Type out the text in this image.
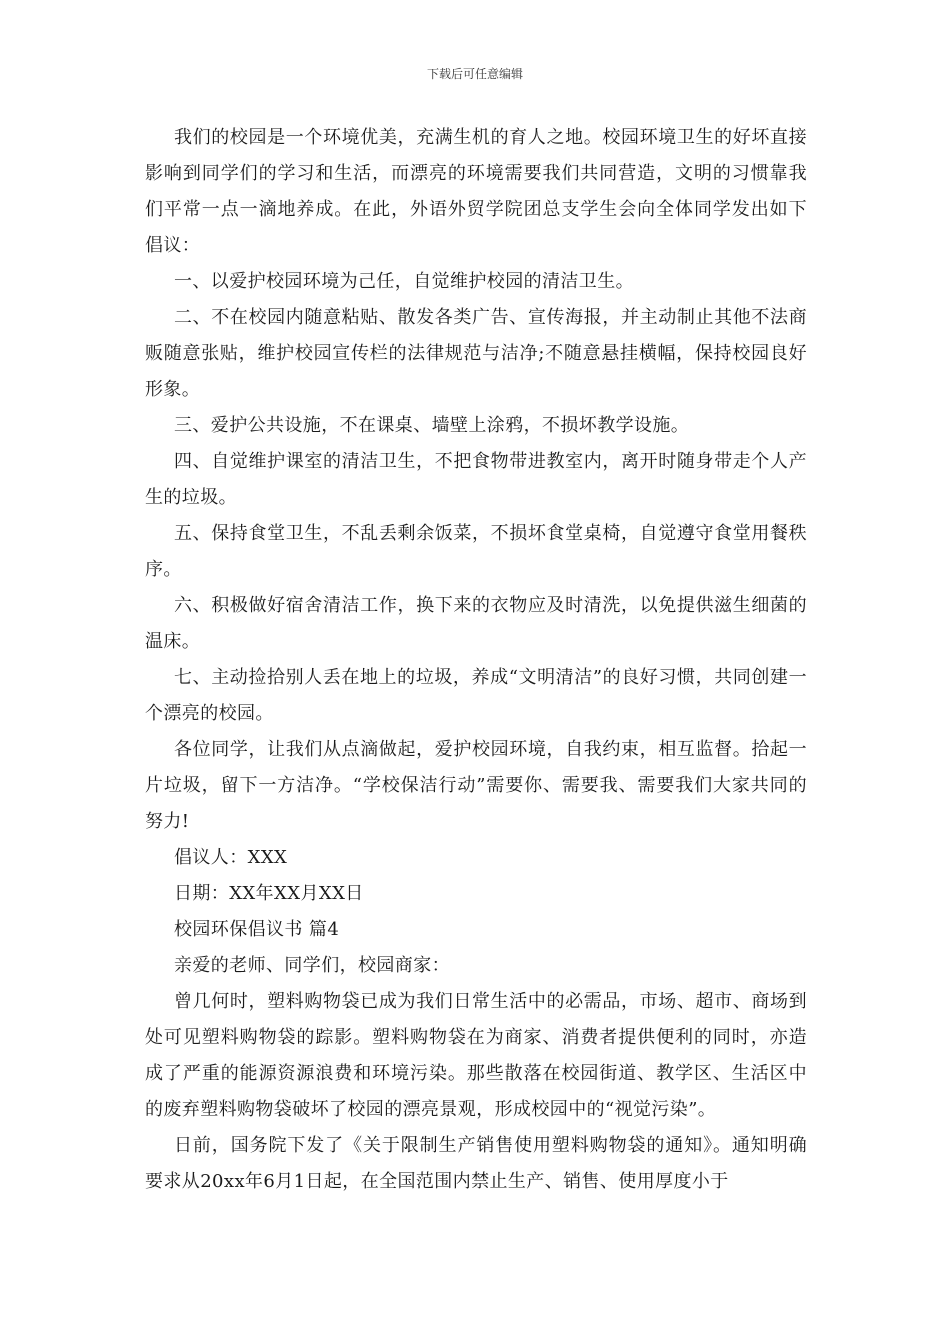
下载后可任意编辑

我们的校园是一个环境优美，充满生机的育人之地。校园环境卫生的好坏直接影响到同学们的学习和生活，而漂亮的环境需要我们共同营造，文明的习惯靠我们平常一点一滴地养成。在此，外语外贸学院团总支学生会向全体同学发出如下倡议：

一、以爱护校园环境为己任，自觉维护校园的清洁卫生。

二、不在校园内随意粘贴、散发各类广告、宣传海报，并主动制止其他不法商贩随意张贴，维护校园宣传栏的法律规范与洁净;不随意悬挂横幅，保持校园良好形象。

三、爱护公共设施，不在课桌、墙壁上涂鸦，不损坏教学设施。

四、自觉维护课室的清洁卫生，不把食物带进教室内，离开时随身带走个人产生的垃圾。

五、保持食堂卫生，不乱丢剩余饭菜，不损坏食堂桌椅，自觉遵守食堂用餐秩序。

六、积极做好宿舍清洁工作，换下来的衣物应及时清洗，以免提供滋生细菌的温床。

七、主动捡拾别人丢在地上的垃圾，养成“文明清洁”的良好习惯，共同创建一个漂亮的校园。

各位同学，让我们从点滴做起，爱护校园环境，自我约束，相互监督。拾起一片垃圾，留下一方洁净。“学校保洁行动”需要你、需要我、需要我们大家共同的努力!

倡议人：XXX

日期：XX年XX月XX日

校园环保倡议书 篇4

亲爱的老师、同学们，校园商家：

曾几何时，塑料购物袋已成为我们日常生活中的必需品，市场、超市、商场到处可见塑料购物袋的踪影。塑料购物袋在为商家、消费者提供便利的同时，亦造成了严重的能源资源浪费和环境污染。那些散落在校园街道、教学区、生活区中的废弃塑料购物袋破坏了校园的漂亮景观，形成校园中的“视觉污染”。

日前，国务院下发了《关于限制生产销售使用塑料购物袋的通知》。通知明确要求从20xx年6月1日起，在全国范围内禁止生产、销售、使用厚度小于
